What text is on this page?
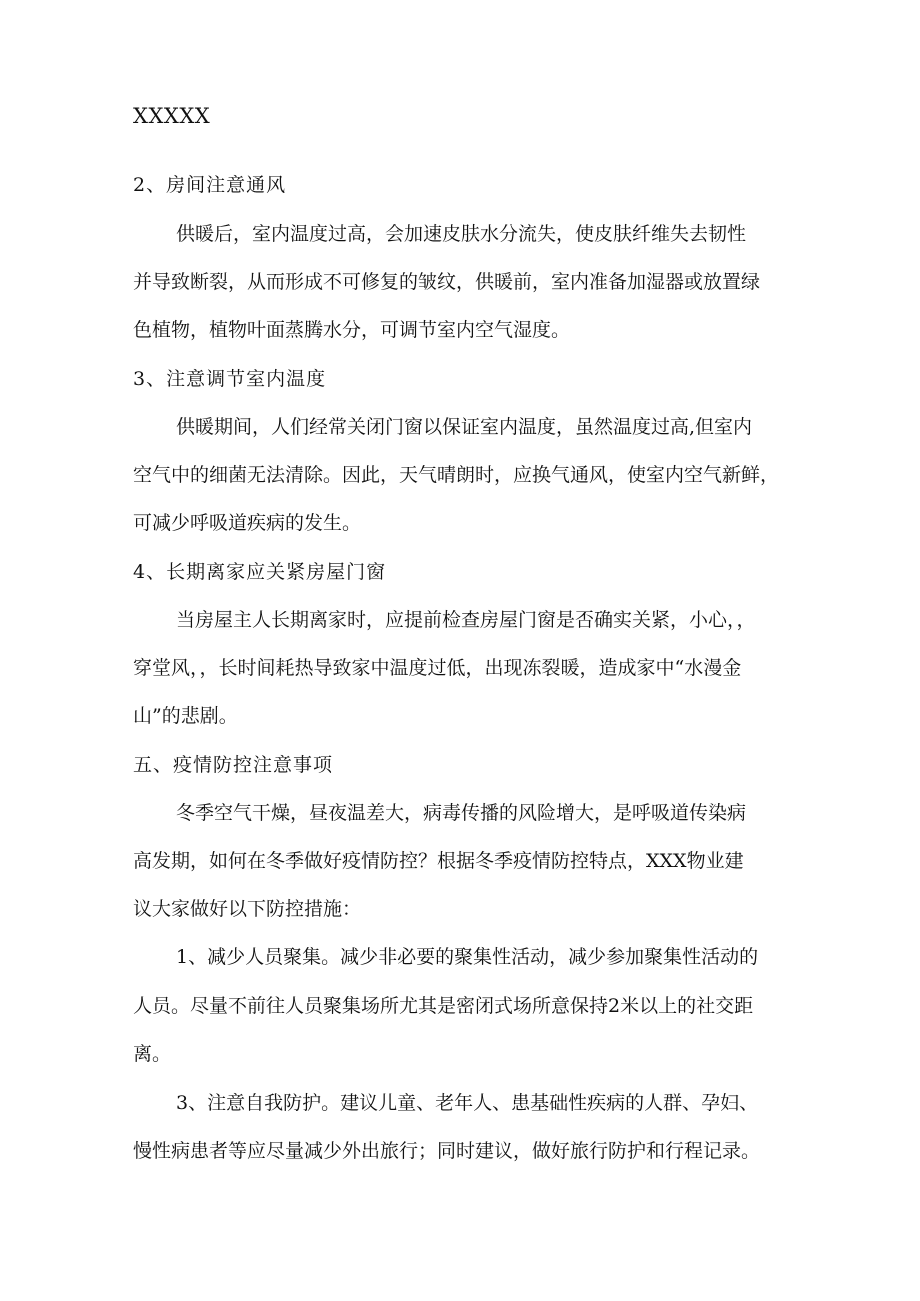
XXXXX
2、房间注意通风
供暖后，室内温度过高，会加速皮肤水分流失，使皮肤纤维失去韧性
并导致断裂，从而形成不可修复的皱纹，供暖前，室内准备加湿器或放置绿
色植物，植物叶面蒸腾水分，可调节室内空气湿度。
3、注意调节室内温度
供暖期间，人们经常关闭门窗以保证室内温度，虽然温度过高,但室内
空气中的细菌无法清除。因此，天气晴朗时，应换气通风，使室内空气新鲜，
可减少呼吸道疾病的发生。
4、长期离家应关紧房屋门窗
当房屋主人长期离家时，应提前检查房屋门窗是否确实关紧，小心，，
穿堂风，，长时间耗热导致家中温度过低，出现冻裂暖，造成家中“水漫金
山”的悲剧。
五、疫情防控注意事项
冬季空气干燥，昼夜温差大，病毒传播的风险增大，是呼吸道传染病
高发期，如何在冬季做好疫情防控？根据冬季疫情防控特点，XXX物业建
议大家做好以下防控措施：
1、减少人员聚集。减少非必要的聚集性活动，减少参加聚集性活动的
人员。尽量不前往人员聚集场所尤其是密闭式场所意保持2米以上的社交距
离。
3、注意自我防护。建议儿童、老年人、患基础性疾病的人群、孕妇、
慢性病患者等应尽量减少外出旅行；同时建议，做好旅行防护和行程记录。
